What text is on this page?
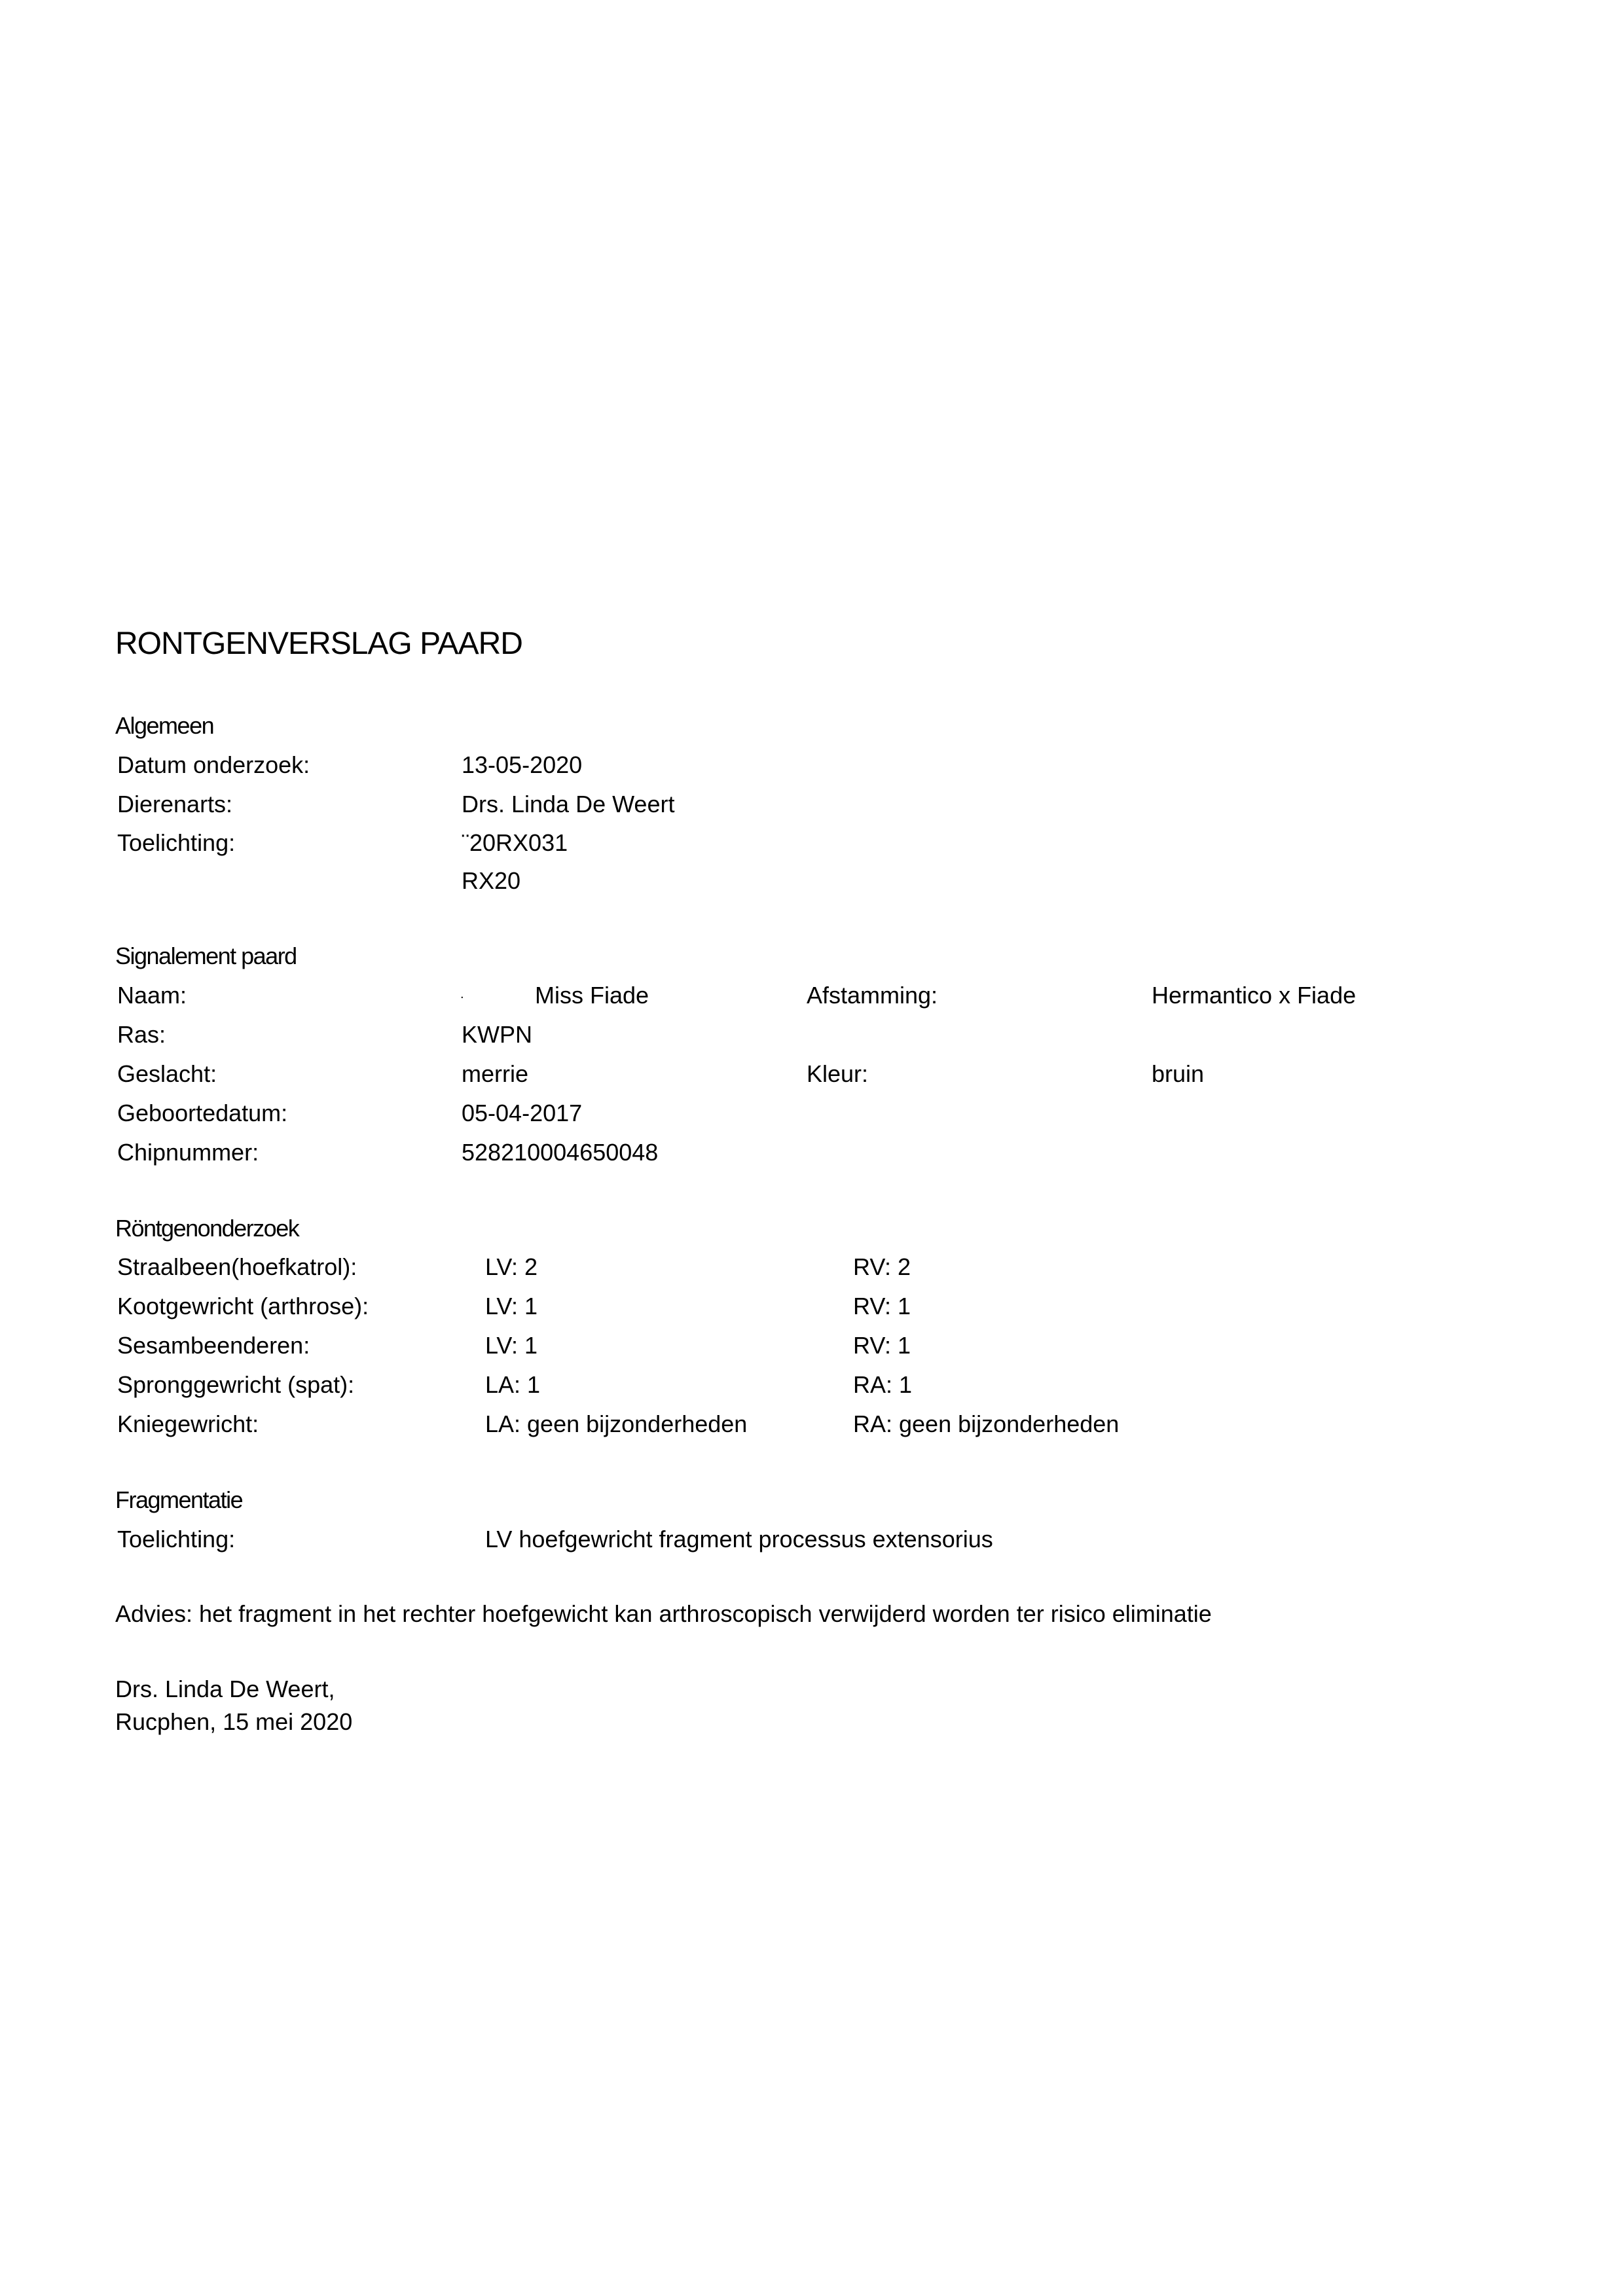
RONTGENVERSLAG PAARD
Algemeen
Datum onderzoek:	13-05-2020
Dierenarts:	Drs. Linda De Weert
Toelichting:	¨20RX031
RX20
Signalement paard
Naam:	.	Miss Fiade	Afstamming:	Hermantico x Fiade
Ras:	KWPN
Geslacht:	merrie	Kleur:	bruin
Geboortedatum:	05-04-2017
Chipnummer:	528210004650048
Röntgenonderzoek
Straalbeen(hoefkatrol):	LV: 2	RV: 2
Kootgewricht (arthrose):	LV: 1	RV: 1
Sesambeenderen:	LV: 1	RV: 1
Spronggewricht (spat):	LA: 1	RA: 1
Kniegewricht:	LA: geen bijzonderheden	RA: geen bijzonderheden
Fragmentatie
Toelichting:	LV hoefgewricht fragment processus extensorius
Advies: het fragment in het rechter hoefgewicht kan arthroscopisch verwijderd worden ter risico eliminatie
Drs. Linda De Weert,
Rucphen, 15 mei 2020
